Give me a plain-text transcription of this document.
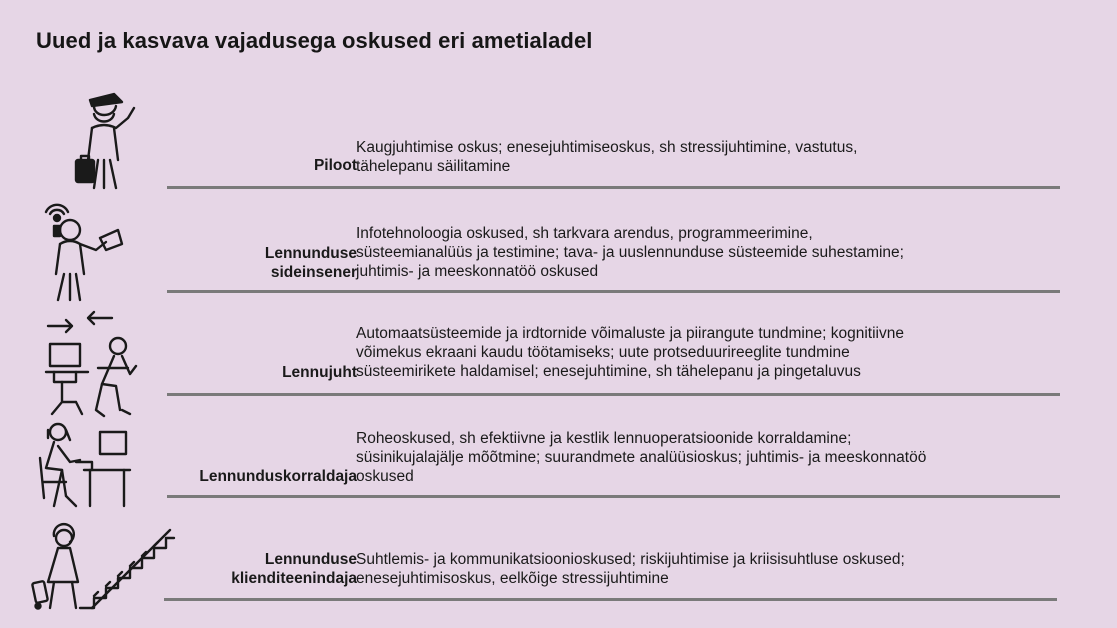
Uued ja kasvava vajadusega oskused eri ametialadel
Piloot
Kaugjuhtimise oskus; enesejuhtimiseoskus, sh stressijuhtimine, vastutus,
tähelepanu säilitamine
Lennunduse
sideinsener
Infotehnoloogia oskused, sh tarkvara arendus, programmeerimine,
süsteemianalüüs ja testimine; tava- ja uuslennunduse süsteemide suhestamine;
juhtimis- ja meeskonnatöö oskused
Lennujuht
Automaatsüsteemide ja irdtornide võimaluste ja piirangute tundmine; kognitiivne
võimekus ekraani kaudu töötamiseks; uute protseduurireeglite tundmine
süsteemirikete haldamisel; enesejuhtimine, sh tähelepanu ja pingetaluvus
Lennunduskorraldaja
Roheoskused, sh efektiivne ja kestlik lennuoperatsioonide korraldamine;
süsinikujalajälje mõõtmine; suurandmete analüüsioskus; juhtimis- ja meeskonnatöö
oskused
Lennunduse
klienditeenindaja
Suhtlemis- ja kommunikatsioonioskused; riskijuhtimise ja kriisisuhtluse oskused;
enesejuhtimisoskus, eelkõige stressijuhtimine
